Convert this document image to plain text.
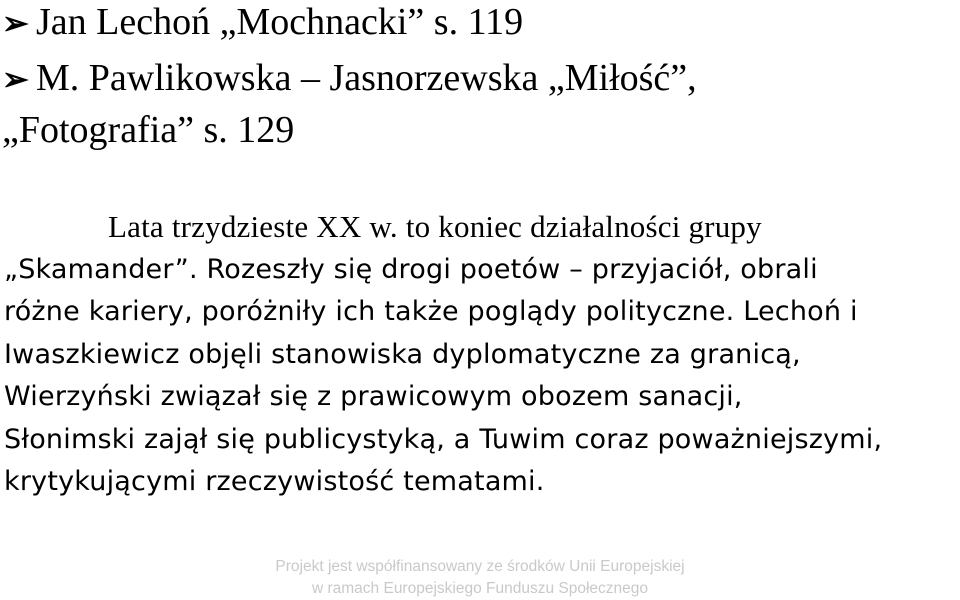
➢ Jan Lechoń „Mochnacki” s. 119
➢ M. Pawlikowska – Jasnorzewska „Miłość”,
„Fotografia” s. 129
Lata trzydzieste XX w. to koniec działalności grupy
„Skamander”. Rozeszły się drogi poetów – przyjaciół, obrali
różne kariery, poróżniły ich także poglądy polityczne. Lechoń i
Iwaszkiewicz objęli stanowiska dyplomatyczne za granicą,
Wierzyński związał się z prawicowym obozem sanacji,
Słonimski zajął się publicystyką, a Tuwim coraz poważniejszymi,
krytykującymi rzeczywistość tematami.
Projekt jest współfinansowany ze środków Unii Europejskiej
w ramach Europejskiego Funduszu Społecznego
